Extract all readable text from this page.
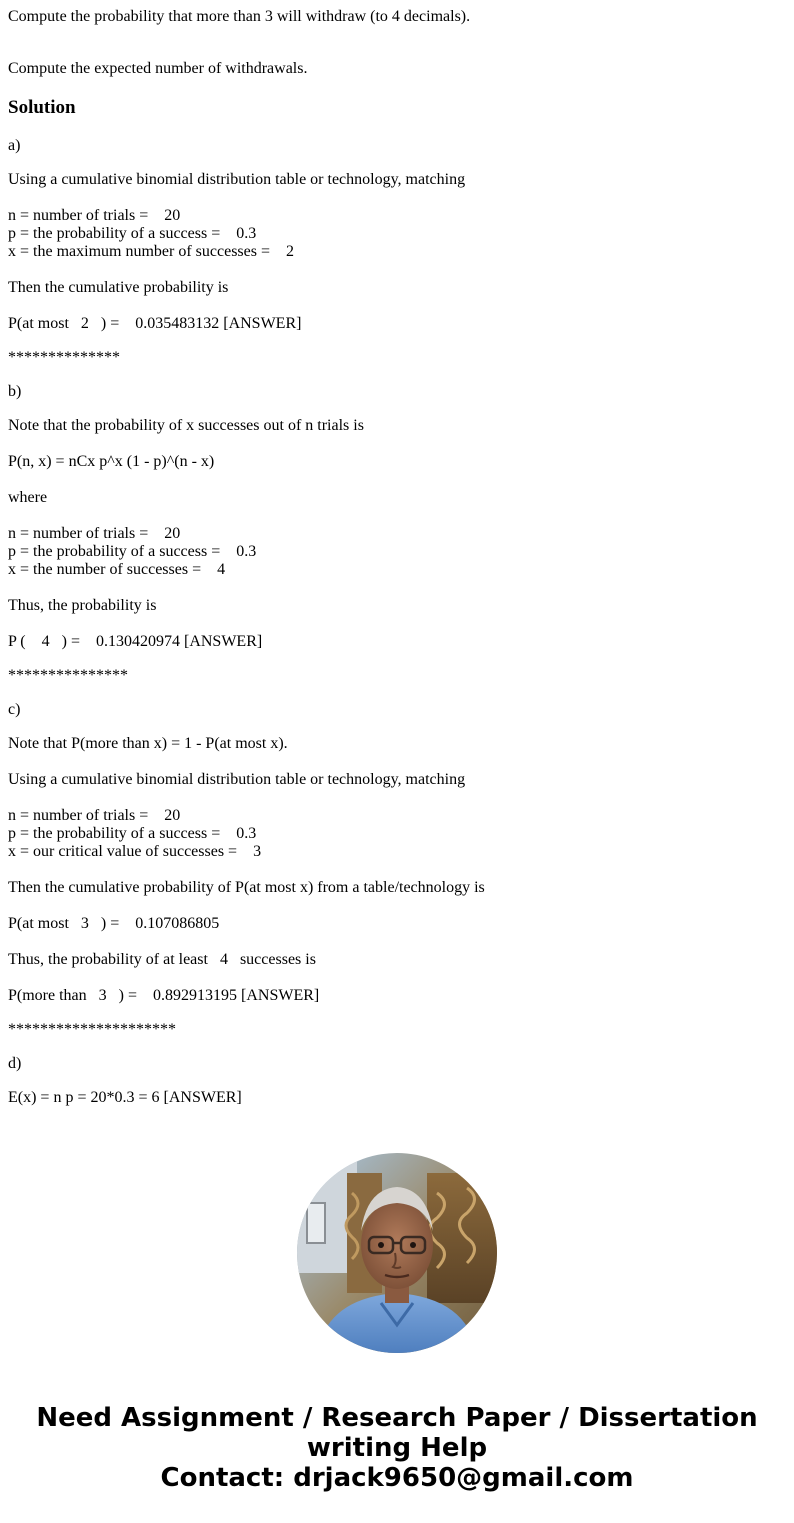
Compute the probability that more than 3 will withdraw (to 4 decimals).
Compute the expected number of withdrawals.
Solution
a)
Using a cumulative binomial distribution table or technology, matching
n = number of trials =    20
p = the probability of a success =    0.3
x = the maximum number of successes =    2
Then the cumulative probability is
P(at most   2   ) =    0.035483132 [ANSWER]
**************
b)
Note that the probability of x successes out of n trials is
P(n, x) = nCx p^x (1 - p)^(n - x)
where
n = number of trials =    20
p = the probability of a success =    0.3
x = the number of successes =    4
Thus, the probability is
P (    4   ) =    0.130420974 [ANSWER]
***************
c)
Note that P(more than x) = 1 - P(at most x).
Using a cumulative binomial distribution table or technology, matching
n = number of trials =    20
p = the probability of a success =    0.3
x = our critical value of successes =    3
Then the cumulative probability of P(at most x) from a table/technology is
P(at most   3   ) =    0.107086805
Thus, the probability of at least   4   successes is
P(more than   3   ) =    0.892913195 [ANSWER]
*********************
d)
E(x) = n p = 20*0.3 = 6 [ANSWER]
Need Assignment / Research Paper / Dissertation
writing Help
Contact: drjack9650@gmail.com
